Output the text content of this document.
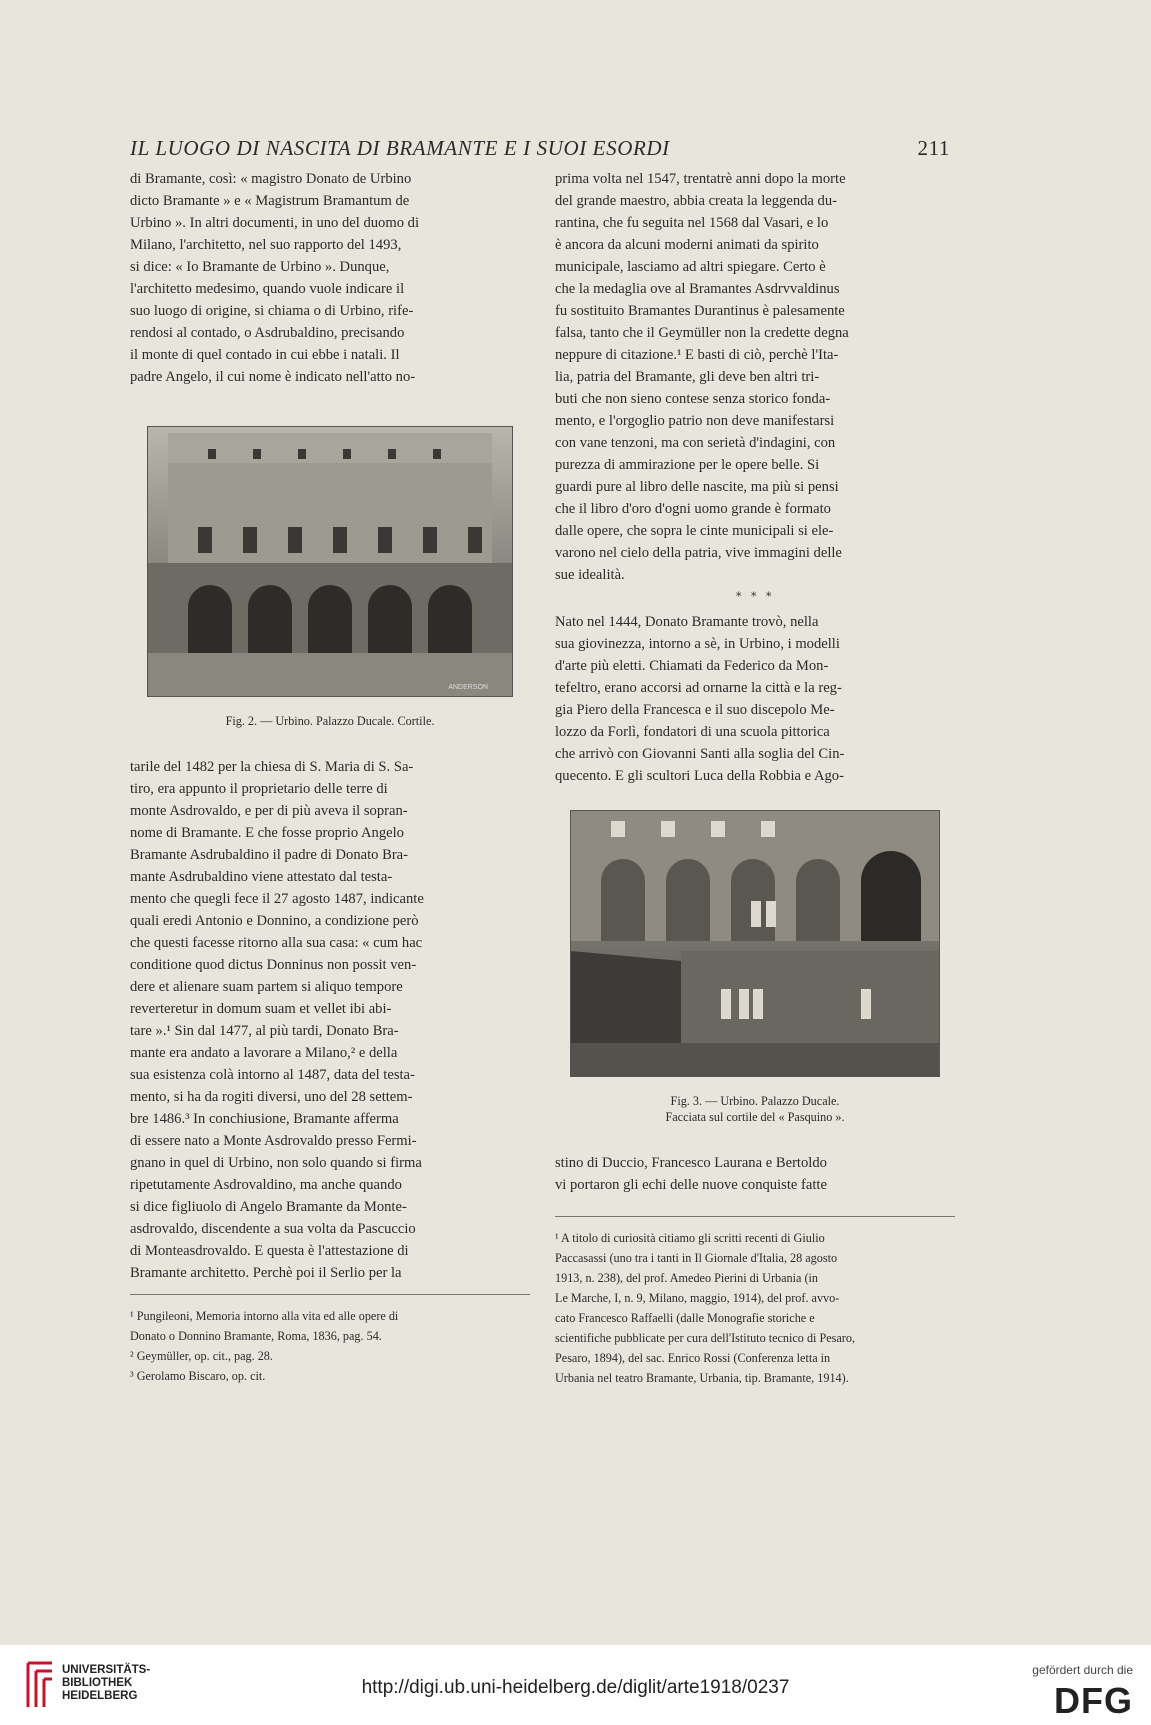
IL LUOGO DI NASCITA DI BRAMANTE E I SUOI ESORDI	211

di Bramante, così: « magistro Donato de Urbino
dicto Bramante » e « Magistrum Bramantum de
Urbino ». In altri documenti, in uno del duomo di
Milano, l'architetto, nel suo rapporto del 1493,
si dice: « Io Bramante de Urbino ». Dunque,
l'architetto medesimo, quando vuole indicare il
suo luogo di origine, si chiama o di Urbino, rife-
rendosi al contado, o Asdrubaldino, precisando
il monte di quel contado in cui ebbe i natali. Il
padre Angelo, il cui nome è indicato nell'atto no-

ANDERSON
Fig. 2. — Urbino. Palazzo Ducale. Cortile.

tarile del 1482 per la chiesa di S. Maria di S. Sa-
tiro, era appunto il proprietario delle terre di
monte Asdrovaldo, e per di più aveva il sopran-
nome di Bramante. E che fosse proprio Angelo
Bramante Asdrubaldino il padre di Donato Bra-
mante Asdrubaldino viene attestato dal testa-
mento che quegli fece il 27 agosto 1487, indicante
quali eredi Antonio e Donnino, a condizione però
che questi facesse ritorno alla sua casa: « cum hac
conditione quod dictus Donninus non possit ven-
dere et alienare suam partem si aliquo tempore
reverteretur in domum suam et vellet ibi abi-
tare ».¹ Sin dal 1477, al più tardi, Donato Bra-
mante era andato a lavorare a Milano,² e della
sua esistenza colà intorno al 1487, data del testa-
mento, si ha da rogiti diversi, uno del 28 settem-
bre 1486.³ In conchiusione, Bramante afferma
di essere nato a Monte Asdrovaldo presso Fermi-
gnano in quel di Urbino, non solo quando si firma
ripetutamente Asdrovaldino, ma anche quando
si dice figliuolo di Angelo Bramante da Monte-
asdrovaldo, discendente a sua volta da Pascuccio
di Monteasdrovaldo. E questa è l'attestazione di
Bramante architetto. Perchè poi il Serlio per la

¹ Pungileoni, Memoria intorno alla vita ed alle opere di
Donato o Donnino Bramante, Roma, 1836, pag. 54.
² Geymüller, op. cit., pag. 28.
³ Gerolamo Biscaro, op. cit.

prima volta nel 1547, trentatrè anni dopo la morte
del grande maestro, abbia creata la leggenda du-
rantina, che fu seguita nel 1568 dal Vasari, e lo
è ancora da alcuni moderni animati da spirito
municipale, lasciamo ad altri spiegare. Certo è
che la medaglia ove al Bramantes Asdrvvaldinus
fu sostituito Bramantes Durantinus è palesamente
falsa, tanto che il Geymüller non la credette degna
neppure di citazione.¹ E basti di ciò, perchè l'Ita-
lia, patria del Bramante, gli deve ben altri tri-
buti che non sieno contese senza storico fonda-
mento, e l'orgoglio patrio non deve manifestarsi
con vane tenzoni, ma con serietà d'indagini, con
purezza di ammirazione per le opere belle. Si
guardi pure al libro delle nascite, ma più si pensi
che il libro d'oro d'ogni uomo grande è formato
dalle opere, che sopra le cinte municipali si ele-
varono nel cielo della patria, vive immagini delle
sue idealità.

* * *

Nato nel 1444, Donato Bramante trovò, nella
sua giovinezza, intorno a sè, in Urbino, i modelli
d'arte più eletti. Chiamati da Federico da Mon-
tefeltro, erano accorsi ad ornarne la città e la reg-
gia Piero della Francesca e il suo discepolo Me-
lozzo da Forlì, fondatori di una scuola pittorica
che arrivò con Giovanni Santi alla soglia del Cin-
quecento. E gli scultori Luca della Robbia e Ago-

Fig. 3. — Urbino. Palazzo Ducale.
Facciata sul cortile del « Pasquino ».

stino di Duccio, Francesco Laurana e Bertoldo
vi portaron gli echi delle nuove conquiste fatte

¹ A titolo di curiosità citiamo gli scritti recenti di Giulio
Paccasassi (uno tra i tanti in Il Giornale d'Italia, 28 agosto
1913, n. 238), del prof. Amedeo Pierini di Urbania (in
Le Marche, I, n. 9, Milano, maggio, 1914), del prof. avvo-
cato Francesco Raffaelli (dalle Monografie storiche e
scientifiche pubblicate per cura dell'Istituto tecnico di Pesaro,
Pesaro, 1894), del sac. Enrico Rossi (Conferenza letta in
Urbania nel teatro Bramante, Urbania, tip. Bramante, 1914).
UNIVERSITÄTS-
BIBLIOTHEK
HEIDELBERG	http://digi.ub.uni-heidelberg.de/diglit/arte1918/0237
gefördert durch die
DFG
